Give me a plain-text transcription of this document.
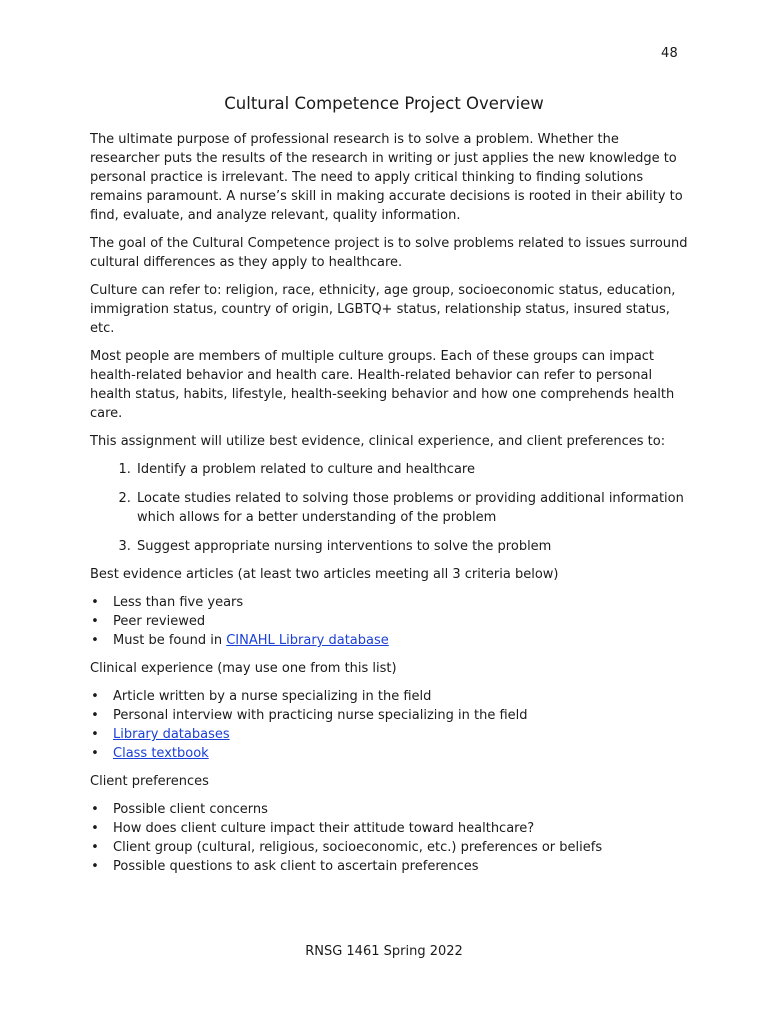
48
Cultural Competence Project Overview

The ultimate purpose of professional research is to solve a problem. Whether the researcher puts the results of the research in writing or just applies the new knowledge to personal practice is irrelevant. The need to apply critical thinking to finding solutions remains paramount. A nurse’s skill in making accurate decisions is rooted in their ability to find, evaluate, and analyze relevant, quality information.

The goal of the Cultural Competence project is to solve problems related to issues surround cultural differences as they apply to healthcare.

Culture can refer to: religion, race, ethnicity, age group, socioeconomic status, education, immigration status, country of origin, LGBTQ+ status, relationship status, insured status, etc.

Most people are members of multiple culture groups. Each of these groups can impact health-related behavior and health care. Health-related behavior can refer to personal health status, habits, lifestyle, health-seeking behavior and how one comprehends health care.

This assignment will utilize best evidence, clinical experience, and client preferences to:

1. Identify a problem related to culture and healthcare
2. Locate studies related to solving those problems or providing additional information which allows for a better understanding of the problem
3. Suggest appropriate nursing interventions to solve the problem

Best evidence articles (at least two articles meeting all 3 criteria below)

• Less than five years
• Peer reviewed
• Must be found in CINAHL Library database

Clinical experience (may use one from this list)

• Article written by a nurse specializing in the field
• Personal interview with practicing nurse specializing in the field
• Library databases
• Class textbook

Client preferences

• Possible client concerns
• How does client culture impact their attitude toward healthcare?
• Client group (cultural, religious, socioeconomic, etc.) preferences or beliefs
• Possible questions to ask client to ascertain preferences
RNSG 1461 Spring 2022
